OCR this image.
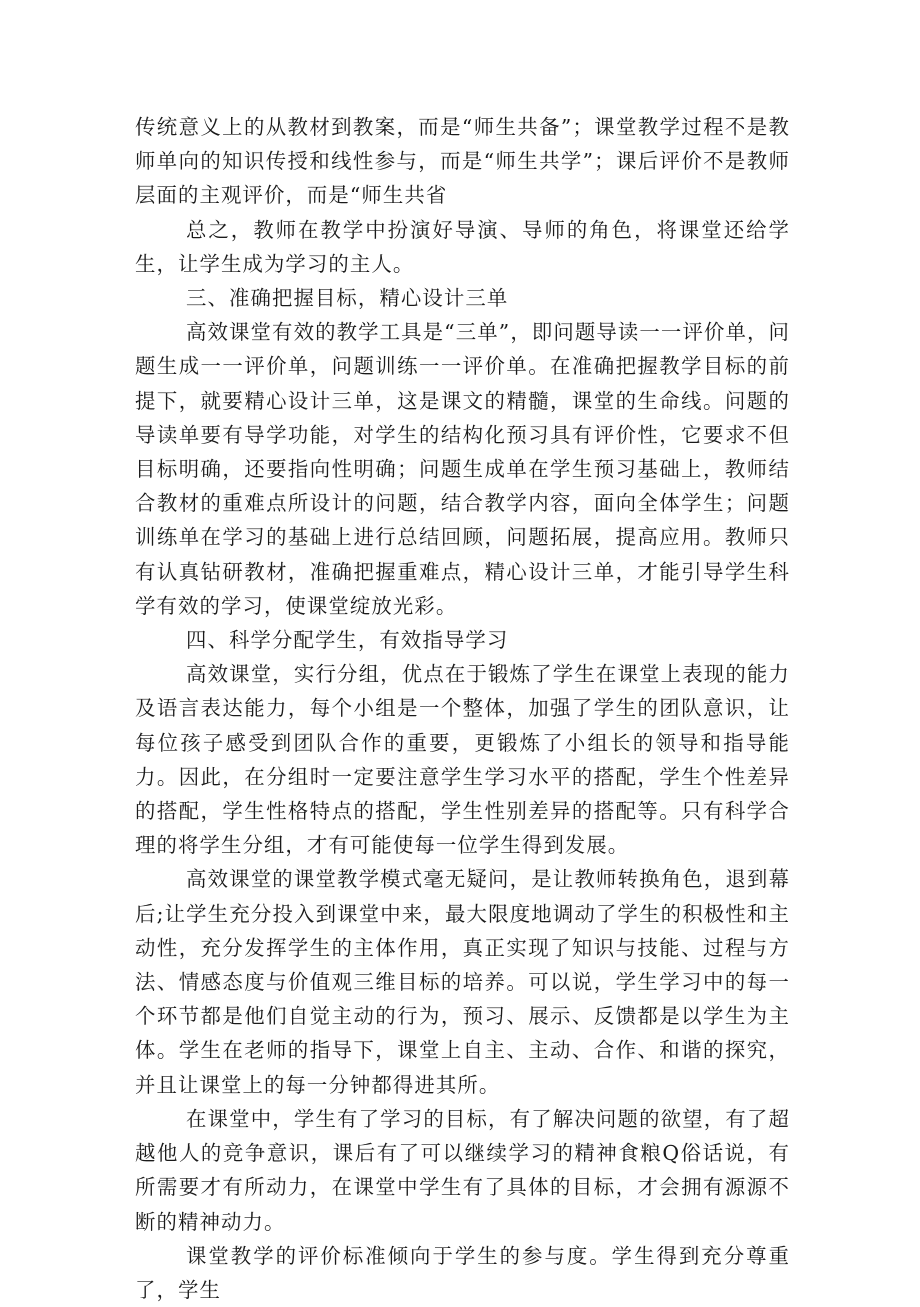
传统意义上的从教材到教案，而是“师生共备”；课堂教学过程不是教师单向的知识传授和线性参与，而是“师生共学”；课后评价不是教师层面的主观评价，而是“师生共省

总之，教师在教学中扮演好导演、导师的角色，将课堂还给学生，让学生成为学习的主人。

三、准确把握目标，精心设计三单

高效课堂有效的教学工具是“三单”，即问题导读一一评价单，问题生成一一评价单，问题训练一一评价单。在准确把握教学目标的前提下，就要精心设计三单，这是课文的精髓，课堂的生命线。问题的导读单要有导学功能，对学生的结构化预习具有评价性，它要求不但目标明确，还要指向性明确；问题生成单在学生预习基础上，教师结合教材的重难点所设计的问题，结合教学内容，面向全体学生；问题训练单在学习的基础上进行总结回顾，问题拓展，提高应用。教师只有认真钻研教材，准确把握重难点，精心设计三单，才能引导学生科学有效的学习，使课堂绽放光彩。

四、科学分配学生，有效指导学习

高效课堂，实行分组，优点在于锻炼了学生在课堂上表现的能力及语言表达能力，每个小组是一个整体，加强了学生的团队意识，让每位孩子感受到团队合作的重要，更锻炼了小组长的领导和指导能力。因此，在分组时一定要注意学生学习水平的搭配，学生个性差异的搭配，学生性格特点的搭配，学生性别差异的搭配等。只有科学合理的将学生分组，才有可能使每一位学生得到发展。

高效课堂的课堂教学模式毫无疑问，是让教师转换角色，退到幕后;让学生充分投入到课堂中来，最大限度地调动了学生的积极性和主动性，充分发挥学生的主体作用，真正实现了知识与技能、过程与方法、情感态度与价值观三维目标的培养。可以说，学生学习中的每一个环节都是他们自觉主动的行为，预习、展示、反馈都是以学生为主体。学生在老师的指导下，课堂上自主、主动、合作、和谐的探究，并且让课堂上的每一分钟都得进其所。

在课堂中，学生有了学习的目标，有了解决问题的欲望，有了超越他人的竞争意识，课后有了可以继续学习的精神食粮Q俗话说，有所需要才有所动力，在课堂中学生有了具体的目标，才会拥有源源不断的精神动力。

课堂教学的评价标准倾向于学生的参与度。学生得到充分尊重了，学生
